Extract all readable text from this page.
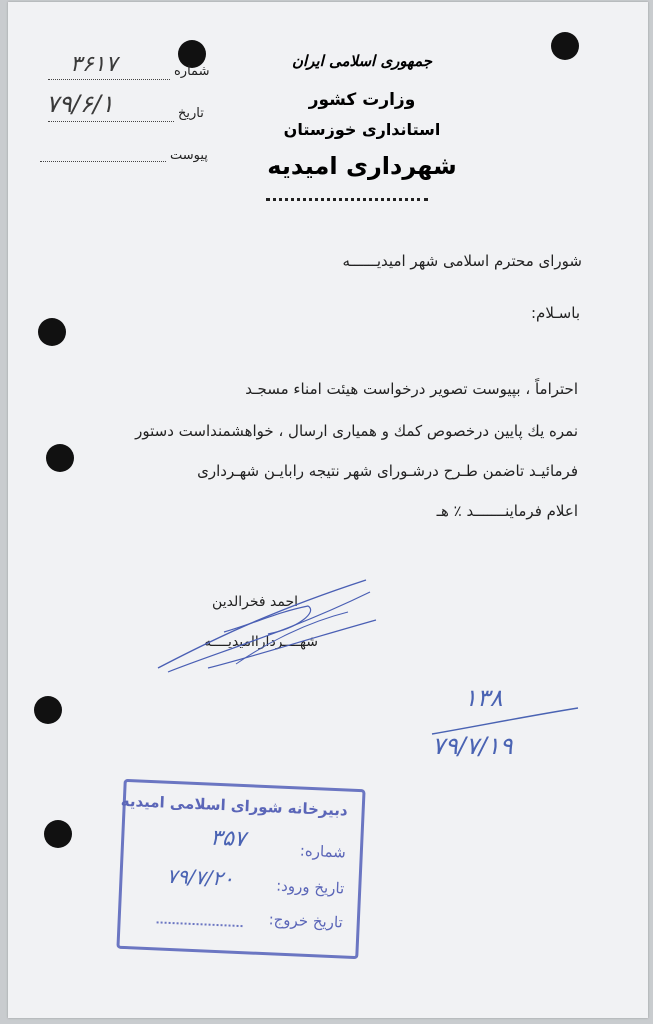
جمهوری اسلامی ایران
وزارت کشور
استانداری خوزستان
شهرداری امیدیه
شماره
۳۶۱۷
تاریخ
۷۹/۶/۱
پیوست
شورای محترم اسلامی شهر امیدیــــــه
باسـلام:
احتراماً ، بپیوست تصویر درخواست هیئت امناء مسجـد
نمره یك پایین درخصوص كمك و همیاری ارسال ، خواهشمنداست دستور
فرمائیـد تاضمن طـرح درشـورای شهر نتیجه رابایـن شهـرداری
اعلام فرماینـــــــد ٪ هـ
احمد فخرالدین
شهــــرداراامیدیــــه
۱۳۸
۷۹/۷/۱۹
دبیرخانه شورای اسلامی امیدیه
شماره:
۳۵۷
تاریخ ورود:
۷۹/۷/۲۰
تاریخ خروج:
